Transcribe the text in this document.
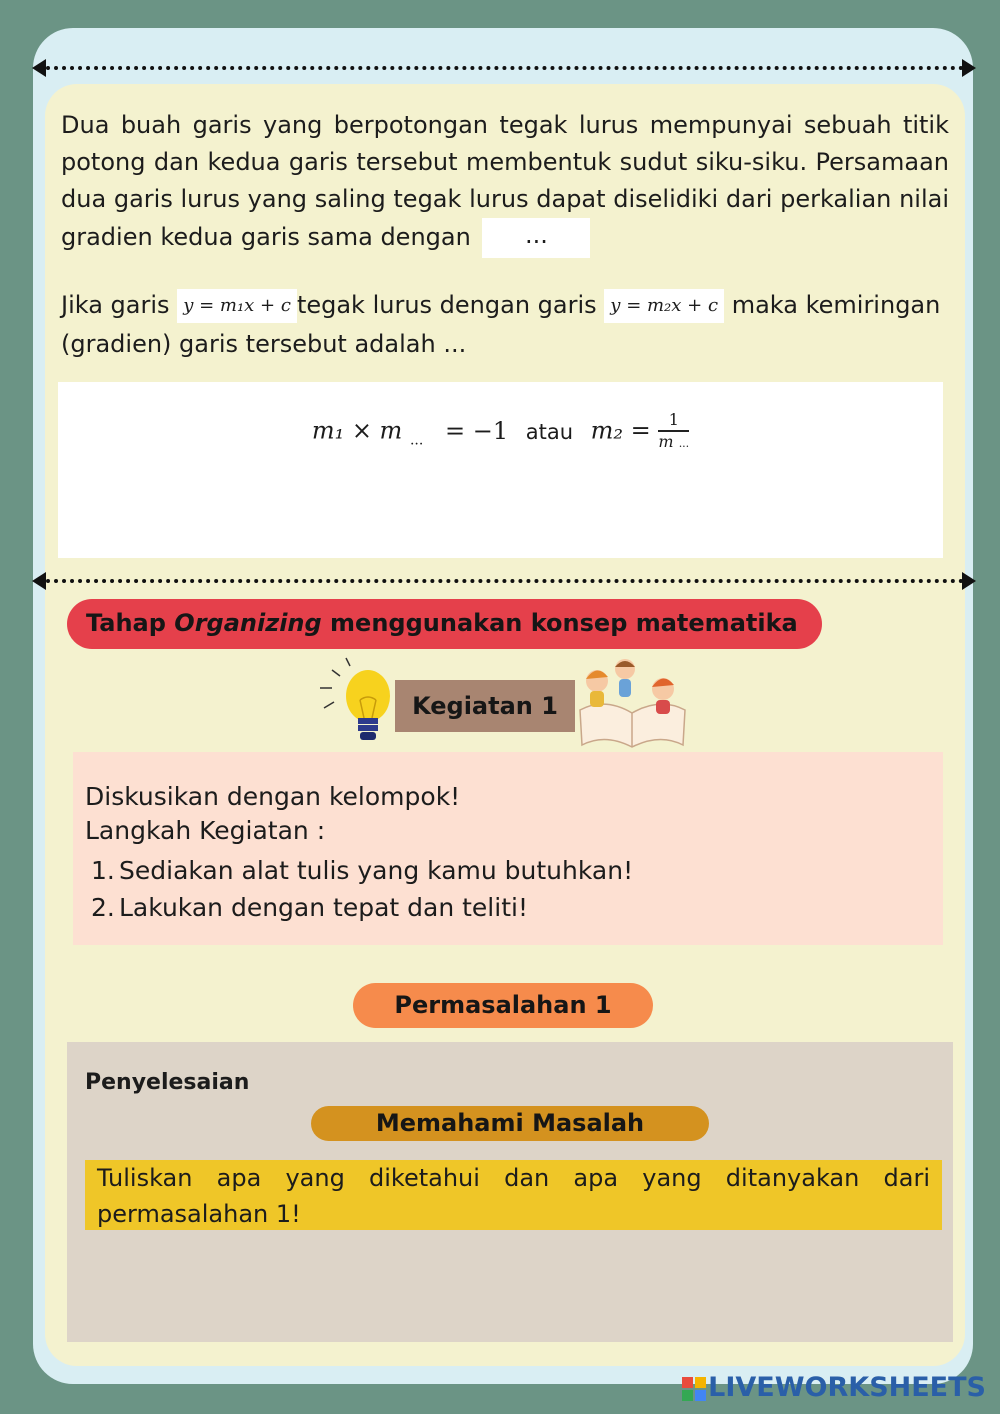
Dua buah garis yang berpotongan tegak lurus mempunyai sebuah titik potong dan kedua garis tersebut membentuk sudut siku-siku. Persamaan dua garis lurus yang saling tegak lurus dapat diselidiki dari perkalian nilai gradien kedua garis sama dengan ...
Jika garis y = m₁x + c tegak lurus dengan garis y = m₂x + c maka kemiringan (gradien) garis tersebut adalah ...
m₁ × m $_{...}$ = −1 atau $m_2 = \frac{1}{m ...}$
Tahap Organizing menggunakan konsep matematika
Kegiatan 1
Diskusikan dengan kelompok!
Langkah Kegiatan :
1. Sediakan alat tulis yang kamu butuhkan!
2. Lakukan dengan tepat dan teliti!
Permasalahan 1
Penyelesaian
Memahami Masalah
Tuliskan apa yang diketahui dan apa yang ditanyakan dari permasalahan 1!
LIVEWORKSHEETS
